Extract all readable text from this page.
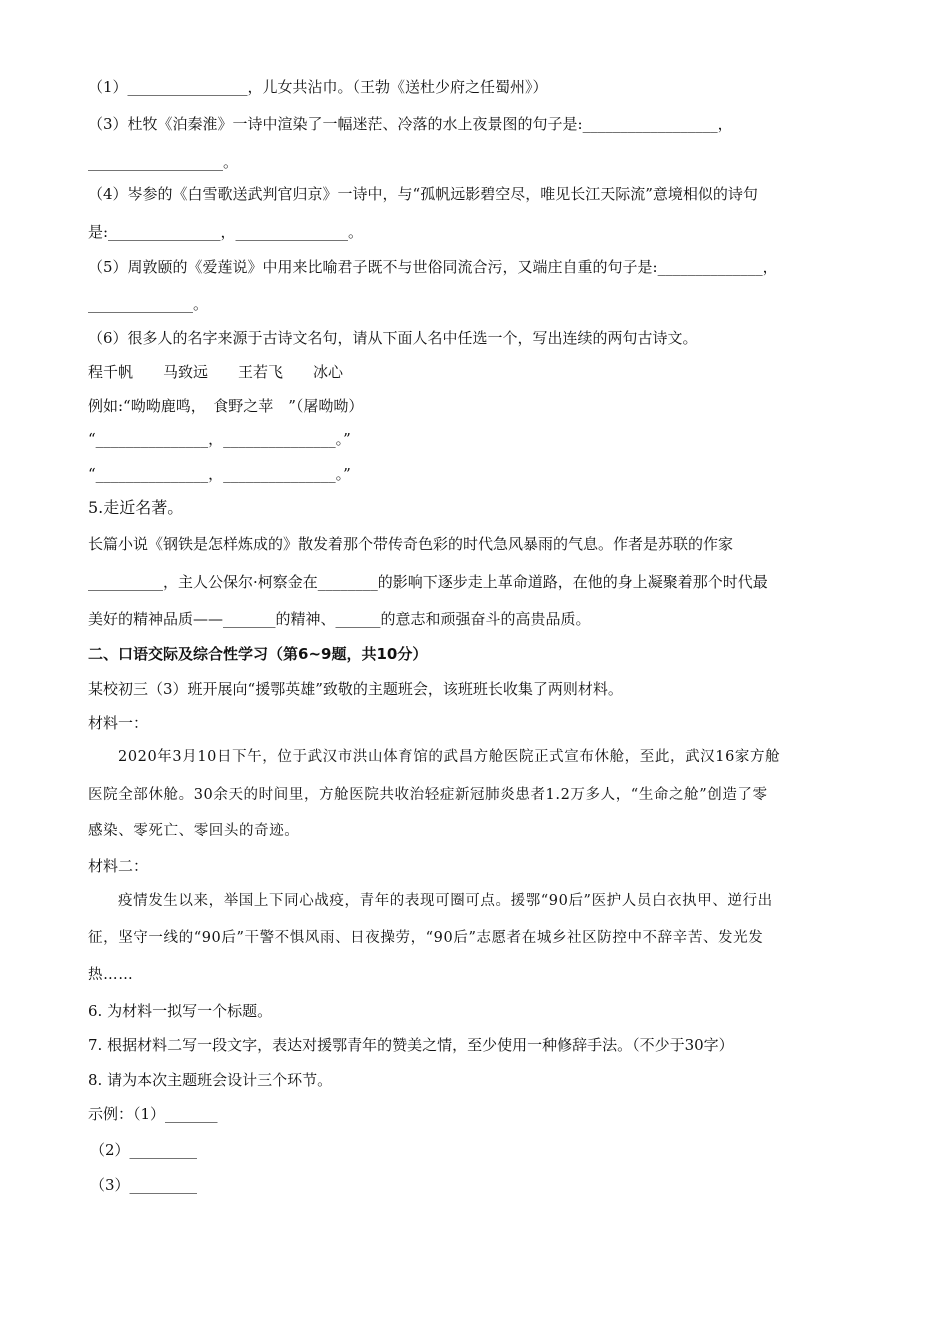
（1）________________，儿女共沾巾。（王勃《送杜少府之任蜀州》）
（3）杜牧《泊秦淮》一诗中渲染了一幅迷茫、冷落的水上夜景图的句子是:__________________，
__________________。
（4）岑参的《白雪歌送武判官归京》一诗中，与“孤帆远影碧空尽，唯见长江天际流”意境相似的诗句
是:_______________，_______________。
（5）周敦颐的《爱莲说》中用来比喻君子既不与世俗同流合污，又端庄自重的句子是:______________，
______________。
（6）很多人的名字来源于古诗文名句，请从下面人名中任选一个，写出连续的两句古诗文。
程千帆　　马致远　　王若飞　　冰心
例如:“呦呦鹿鸣，　食野之苹　”（屠呦呦）
“_______________，_______________。”
“_______________，_______________。”
5.走近名著。
长篇小说《钢铁是怎样炼成的》散发着那个带传奇色彩的时代急风暴雨的气息。作者是苏联的作家
__________，主人公保尔·柯察金在________的影响下逐步走上革命道路，在他的身上凝聚着那个时代最
美好的精神品质——_______的精神、______的意志和顽强奋斗的高贵品质。
二、口语交际及综合性学习（第6~9题，共10分）
某校初三（3）班开展向“援鄂英雄”致敬的主题班会，该班班长收集了两则材料。
材料一：
2020年3月10日下午，位于武汉市洪山体育馆的武昌方舱医院正式宣布休舱，至此，武汉16家方舱
医院全部休舱。30余天的时间里，方舱医院共收治轻症新冠肺炎患者1.2万多人，“生命之舱”创造了零
感染、零死亡、零回头的奇迹。
材料二：
疫情发生以来，举国上下同心战疫，青年的表现可圈可点。援鄂“90后”医护人员白衣执甲、逆行出
征，坚守一线的“90后”干警不惧风雨、日夜操劳，“90后”志愿者在城乡社区防控中不辞辛苦、发光发
热……
6. 为材料一拟写一个标题。
7. 根据材料二写一段文字，表达对援鄂青年的赞美之情，至少使用一种修辞手法。（不少于30字）
8. 请为本次主题班会设计三个环节。
示例：（1）_______
（2）_________
（3）_________
